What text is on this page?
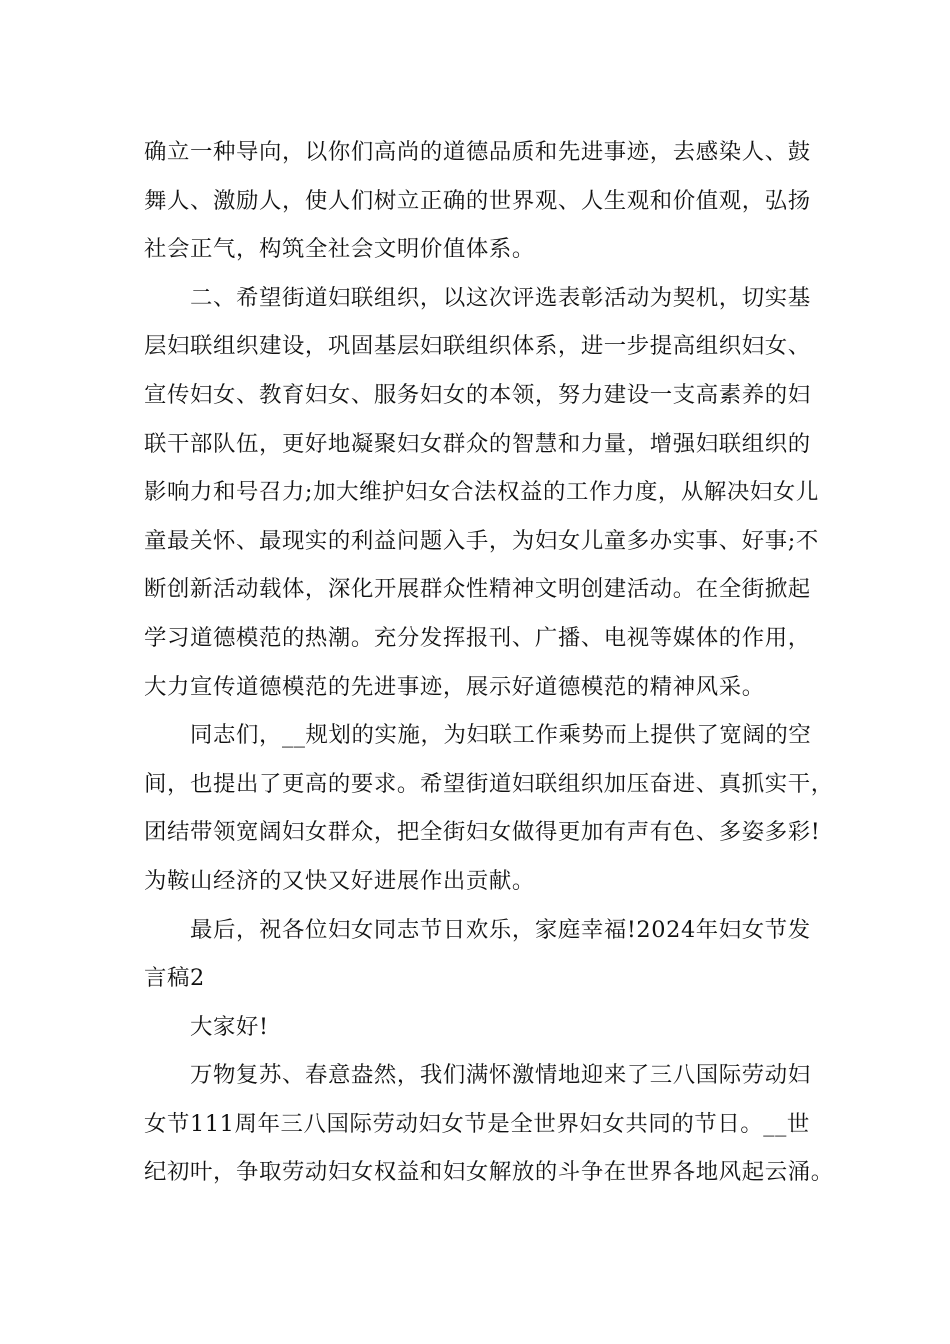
确立一种导向，以你们高尚的道德品质和先进事迹，去感染人、鼓
舞人、激励人，使人们树立正确的世界观、人生观和价值观，弘扬
社会正气，构筑全社会文明价值体系。
二、希望街道妇联组织，以这次评选表彰活动为契机，切实基
层妇联组织建设，巩固基层妇联组织体系，进一步提高组织妇女、
宣传妇女、教育妇女、服务妇女的本领，努力建设一支高素养的妇
联干部队伍，更好地凝聚妇女群众的智慧和力量，增强妇联组织的
影响力和号召力;加大维护妇女合法权益的工作力度，从解决妇女儿
童最关怀、最现实的利益问题入手，为妇女儿童多办实事、好事;不
断创新活动载体，深化开展群众性精神文明创建活动。在全街掀起
学习道德模范的热潮。充分发挥报刊、广播、电视等媒体的作用，
大力宣传道德模范的先进事迹，展示好道德模范的精神风采。
同志们，__规划的实施，为妇联工作乘势而上提供了宽阔的空
间，也提出了更高的要求。希望街道妇联组织加压奋进、真抓实干，
团结带领宽阔妇女群众，把全街妇女做得更加有声有色、多姿多彩!
为鞍山经济的又快又好进展作出贡献。
最后，祝各位妇女同志节日欢乐，家庭幸福!2024年妇女节发
言稿2
大家好!
万物复苏、春意盎然，我们满怀激情地迎来了三八国际劳动妇
女节111周年三八国际劳动妇女节是全世界妇女共同的节日。__世
纪初叶，争取劳动妇女权益和妇女解放的斗争在世界各地风起云涌。
